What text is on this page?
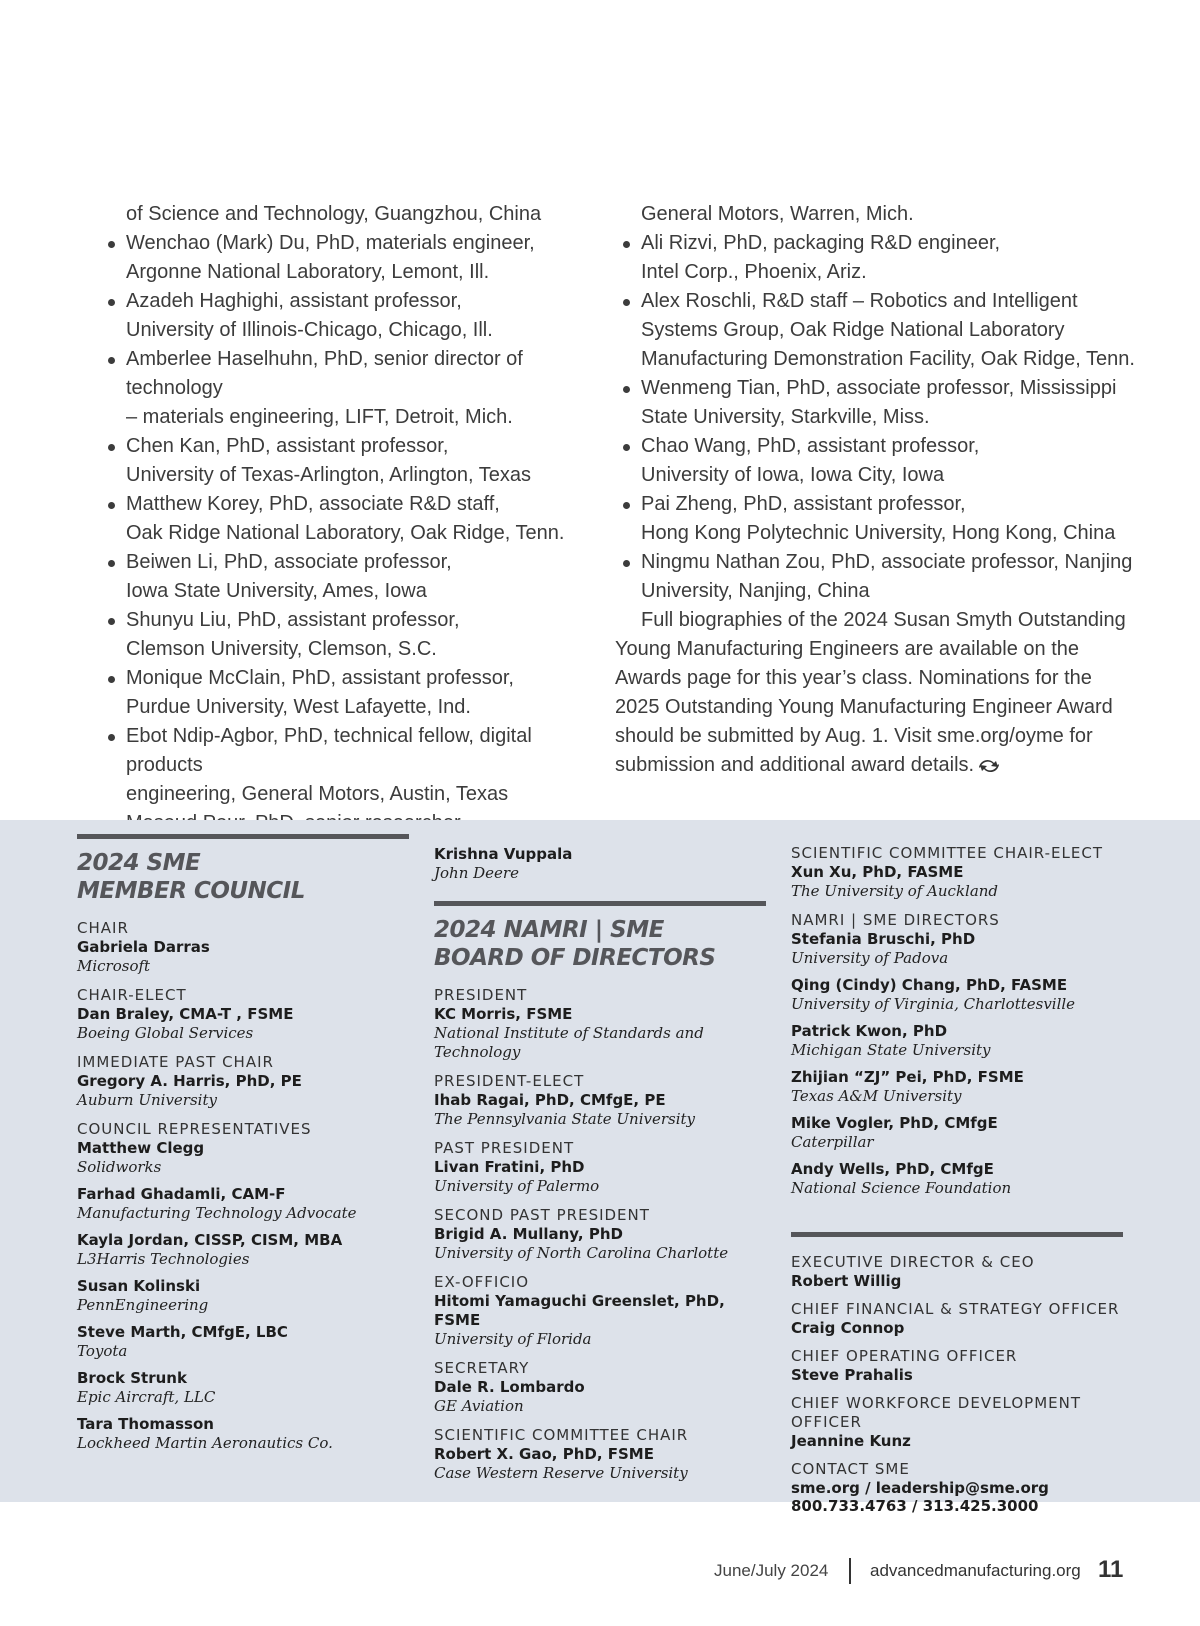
of Science and Technology, Guangzhou, China
Wenchao (Mark) Du, PhD, materials engineer,
Argonne National Laboratory, Lemont, Ill.
Azadeh Haghighi, assistant professor,
University of Illinois-Chicago, Chicago, Ill.
Amberlee Haselhuhn, PhD, senior director of technology
– materials engineering, LIFT, Detroit, Mich.
Chen Kan, PhD, assistant professor,
University of Texas-Arlington, Arlington, Texas
Matthew Korey, PhD, associate R&D staff,
Oak Ridge National Laboratory, Oak Ridge, Tenn.
Beiwen Li, PhD, associate professor,
Iowa State University, Ames, Iowa
Shunyu Liu, PhD, assistant professor,
Clemson University, Clemson, S.C.
Monique McClain, PhD, assistant professor,
Purdue University, West Lafayette, Ind.
Ebot Ndip-Agbor, PhD, technical fellow, digital products
engineering, General Motors, Austin, Texas
General Motors, Warren, Mich.
Ali Rizvi, PhD, packaging R&D engineer,
Intel Corp., Phoenix, Ariz.
Alex Roschli, R&D staff – Robotics and Intelligent
Systems Group, Oak Ridge National Laboratory
Manufacturing Demonstration Facility, Oak Ridge, Tenn.
Wenmeng Tian, PhD, associate professor, Mississippi
State University, Starkville, Miss.
Chao Wang, PhD, assistant professor,
University of Iowa, Iowa City, Iowa
Pai Zheng, PhD, assistant professor,
Hong Kong Polytechnic University, Hong Kong, China
Ningmu Nathan Zou, PhD, associate professor, Nanjing
University, Nanjing, China

Full biographies of the 2024 Susan Smyth Outstanding Young Manufacturing Engineers are available on the Awards page for this year’s class. Nominations for the 2025 Outstanding Young Manufacturing Engineer Award should be submitted by Aug. 1. Visit sme.org/oyme for submission and additional award details.

2024 SME
MEMBER COUNCIL
CHAIR
Gabriela Darras
Microsoft
CHAIR-ELECT
Dan Braley, CMA-T , FSME
Boeing Global Services
IMMEDIATE PAST CHAIR
Gregory A. Harris, PhD, PE
Auburn University
COUNCIL REPRESENTATIVES
Matthew Clegg
Solidworks
Farhad Ghadamli, CAM-F
Manufacturing Technology Advocate
Kayla Jordan, CISSP, CISM, MBA
L3Harris Technologies
Susan Kolinski
PennEngineering
Steve Marth, CMfgE, LBC
Toyota
Brock Strunk
Epic Aircraft, LLC
Tara Thomasson
Lockheed Martin Aeronautics Co.
Krishna Vuppala
John Deere
2024 NAMRI | SME
BOARD OF DIRECTORS
PRESIDENT
KC Morris, FSME
National Institute of Standards and Technology
PRESIDENT-ELECT
Ihab Ragai, PhD, CMfgE, PE
The Pennsylvania State University
PAST PRESIDENT
Livan Fratini, PhD
University of Palermo
SECOND PAST PRESIDENT
Brigid A. Mullany, PhD
University of North Carolina Charlotte
EX-OFFICIO
Hitomi Yamaguchi Greenslet, PhD, FSME
University of Florida
SECRETARY
Dale R. Lombardo
GE Aviation
SCIENTIFIC COMMITTEE CHAIR
Robert X. Gao, PhD, FSME
Case Western Reserve University
SCIENTIFIC COMMITTEE CHAIR-ELECT
Xun Xu, PhD, FASME
The University of Auckland
NAMRI | SME DIRECTORS
Stefania Bruschi, PhD
University of Padova
Qing (Cindy) Chang, PhD, FASME
University of Virginia, Charlottesville
Patrick Kwon, PhD
Michigan State University
Zhijian “ZJ” Pei, PhD, FSME
Texas A&M University
Mike Vogler, PhD, CMfgE
Caterpillar
Andy Wells, PhD, CMfgE
National Science Foundation
EXECUTIVE DIRECTOR & CEO
Robert Willig
CHIEF FINANCIAL & STRATEGY OFFICER
Craig Connop
CHIEF OPERATING OFFICER
Steve Prahalis
CHIEF WORKFORCE DEVELOPMENT OFFICER
Jeannine Kunz
CONTACT SME
sme.org / leadership@sme.org
800.733.4763 / 313.425.3000
June/July 2024 advancedmanufacturing.org 11
